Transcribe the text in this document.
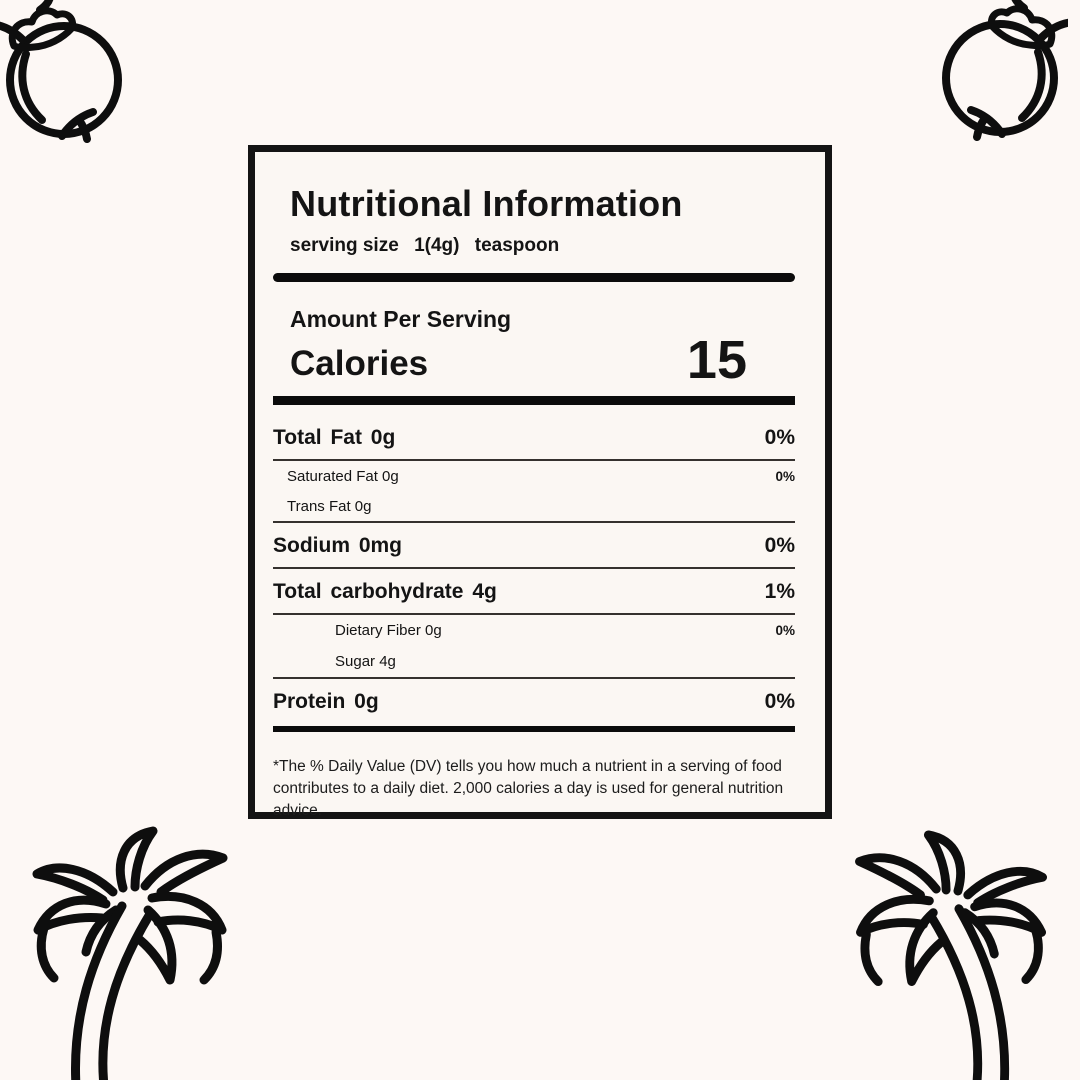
Nutritional Information
serving size 1(4g) teaspoon
Amount Per Serving
Calories	15
Total Fat 0g	0%
Saturated Fat 0g	0%
Trans Fat 0g
Sodium 0mg	0%
Total carbohydrate 4g	1%
Dietary Fiber 0g	0%
Sugar 4g
Protein 0g	0%

*The % Daily Value (DV) tells you how much a nutrient in a serving of food contributes to a daily diet. 2,000 calories a day is used for general nutrition advice.
